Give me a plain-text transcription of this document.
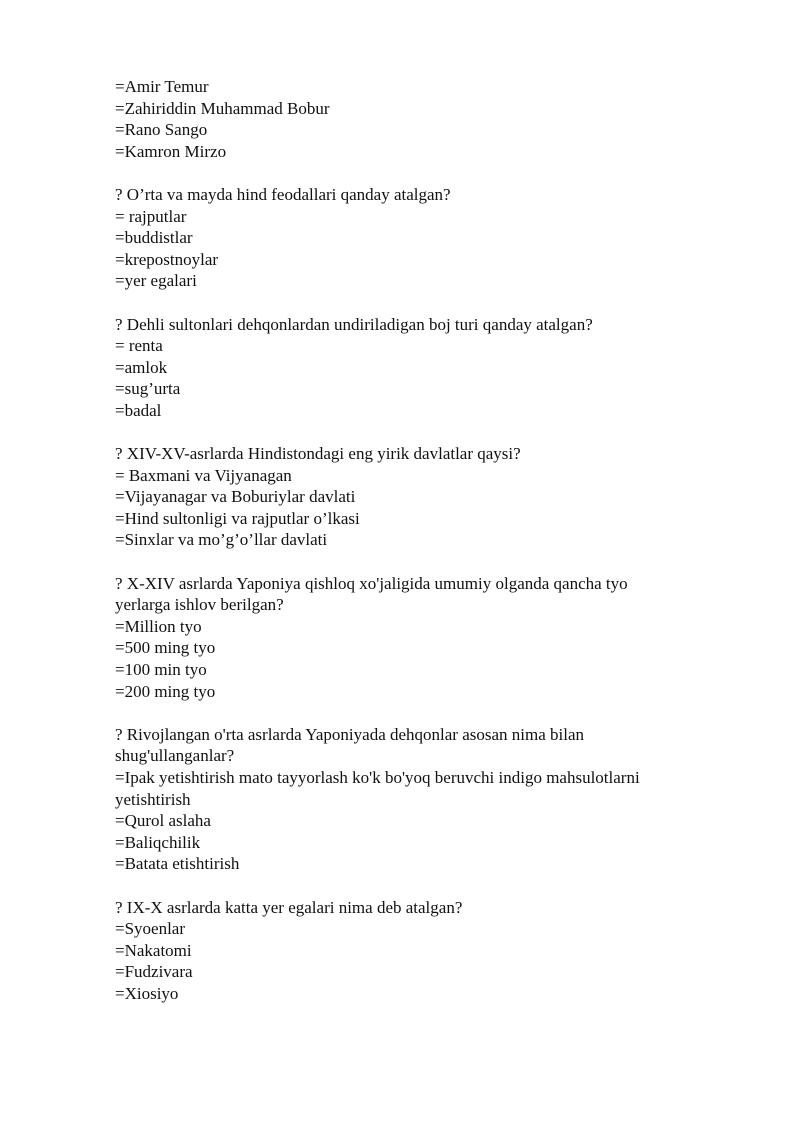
=Amir Temur

=Zahiriddin Muhammad Bobur

=Rano Sango

=Kamron Mirzo

? O’rta va mayda hind feodallari qanday atalgan?

= rajputlar

=buddistlar

=krepostnoylar

=yer egalari

? Dehli sultonlari dehqonlardan undiriladigan boj turi qanday atalgan?

= renta

=amlok

=sug’urta

=badal

? XIV-XV-asrlarda Hindistondagi eng yirik davlatlar qaysi?

= Baxmani va Vijyanagan

=Vijayanagar va Boburiylar davlati

=Hind sultonligi va rajputlar o’lkasi

=Sinxlar va mo’g’o’llar davlati

? X-XIV asrlarda Yaponiya qishloq xo'jaligida umumiy olganda qancha tyo

yerlarga ishlov berilgan?

=Million tyo

=500 ming tyo

=100 min tyo

=200 ming tyo

? Rivojlangan o'rta asrlarda Yaponiyada dehqonlar asosan nima bilan

shug'ullanganlar?

=Ipak yetishtirish mato tayyorlash ko'k bo'yoq beruvchi indigo mahsulotlarni

yetishtirish

=Qurol aslaha

=Baliqchilik

=Batata etishtirish

? IX-X asrlarda katta yer egalari nima deb atalgan?

=Syoenlar

=Nakatomi

=Fudzivara

=Xiosiyo
